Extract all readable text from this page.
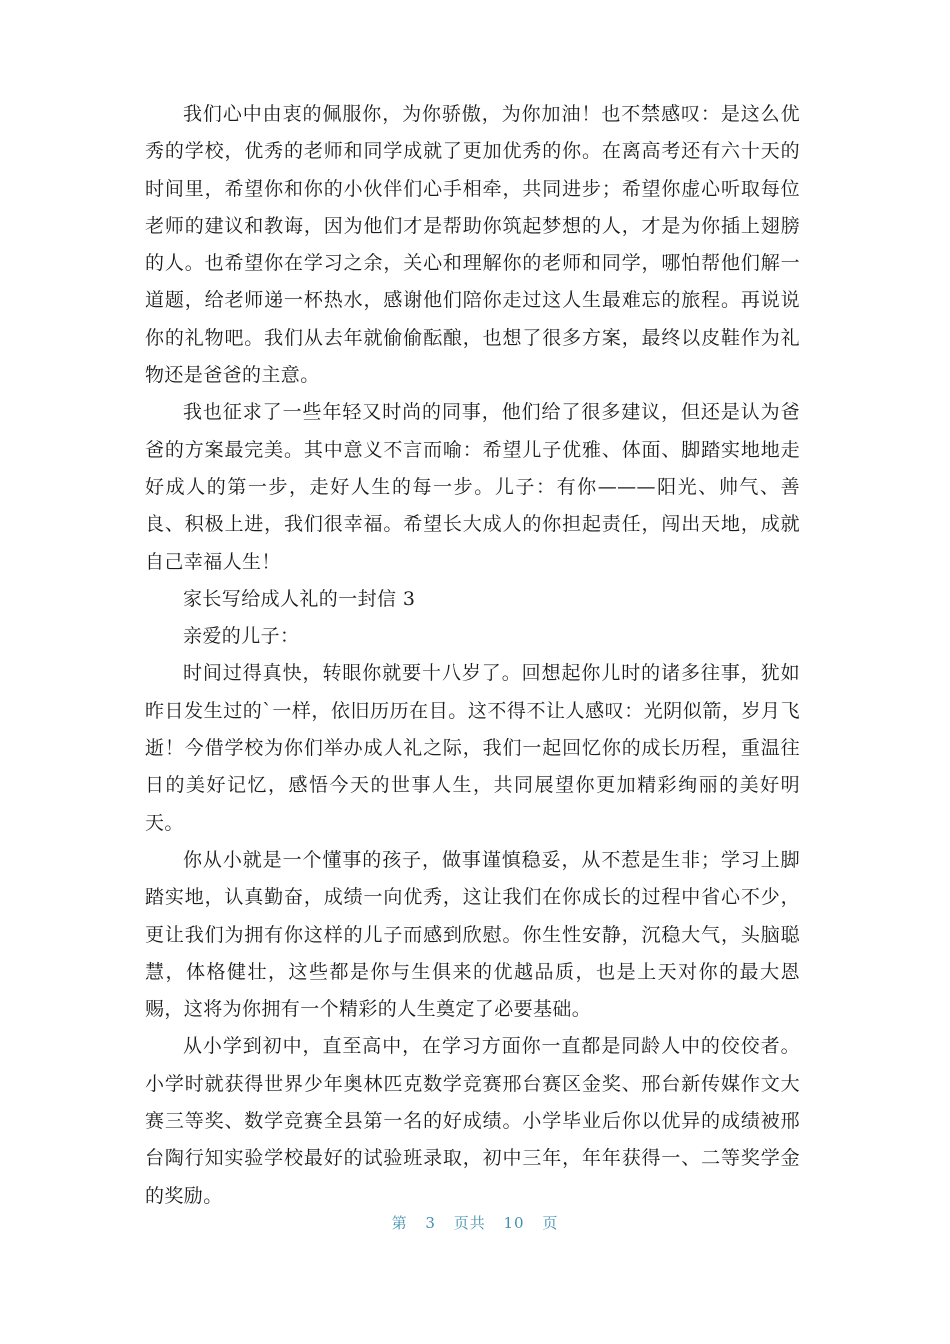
我们心中由衷的佩服你，为你骄傲，为你加油！也不禁感叹：是这么优秀的学校，优秀的老师和同学成就了更加优秀的你。在离高考还有六十天的时间里，希望你和你的小伙伴们心手相牵，共同进步；希望你虚心听取每位老师的建议和教诲，因为他们才是帮助你筑起梦想的人，才是为你插上翅膀的人。也希望你在学习之余，关心和理解你的老师和同学，哪怕帮他们解一道题，给老师递一杯热水，感谢他们陪你走过这人生最难忘的旅程。再说说你的礼物吧。我们从去年就偷偷酝酿，也想了很多方案，最终以皮鞋作为礼物还是爸爸的主意。

我也征求了一些年轻又时尚的同事，他们给了很多建议，但还是认为爸爸的方案最完美。其中意义不言而喻：希望儿子优雅、体面、脚踏实地地走好成人的第一步，走好人生的每一步。儿子：有你———阳光、帅气、善良、积极上进，我们很幸福。希望长大成人的你担起责任，闯出天地，成就自己幸福人生！

家长写给成人礼的一封信 3

亲爱的儿子：

时间过得真快，转眼你就要十八岁了。回想起你儿时的诸多往事，犹如昨日发生过的`一样，依旧历历在目。这不得不让人感叹：光阴似箭，岁月飞逝！今借学校为你们举办成人礼之际，我们一起回忆你的成长历程，重温往日的美好记忆，感悟今天的世事人生，共同展望你更加精彩绚丽的美好明天。

你从小就是一个懂事的孩子，做事谨慎稳妥，从不惹是生非；学习上脚踏实地，认真勤奋，成绩一向优秀，这让我们在你成长的过程中省心不少，更让我们为拥有你这样的儿子而感到欣慰。你生性安静，沉稳大气，头脑聪慧，体格健壮，这些都是你与生俱来的优越品质，也是上天对你的最大恩赐，这将为你拥有一个精彩的人生奠定了必要基础。

从小学到初中，直至高中，在学习方面你一直都是同龄人中的佼佼者。小学时就获得世界少年奥林匹克数学竞赛邢台赛区金奖、邢台新传媒作文大赛三等奖、数学竞赛全县第一名的好成绩。小学毕业后你以优异的成绩被邢台陶行知实验学校最好的试验班录取，初中三年，年年获得一、二等奖学金的奖励。

第 3 页共 10 页
